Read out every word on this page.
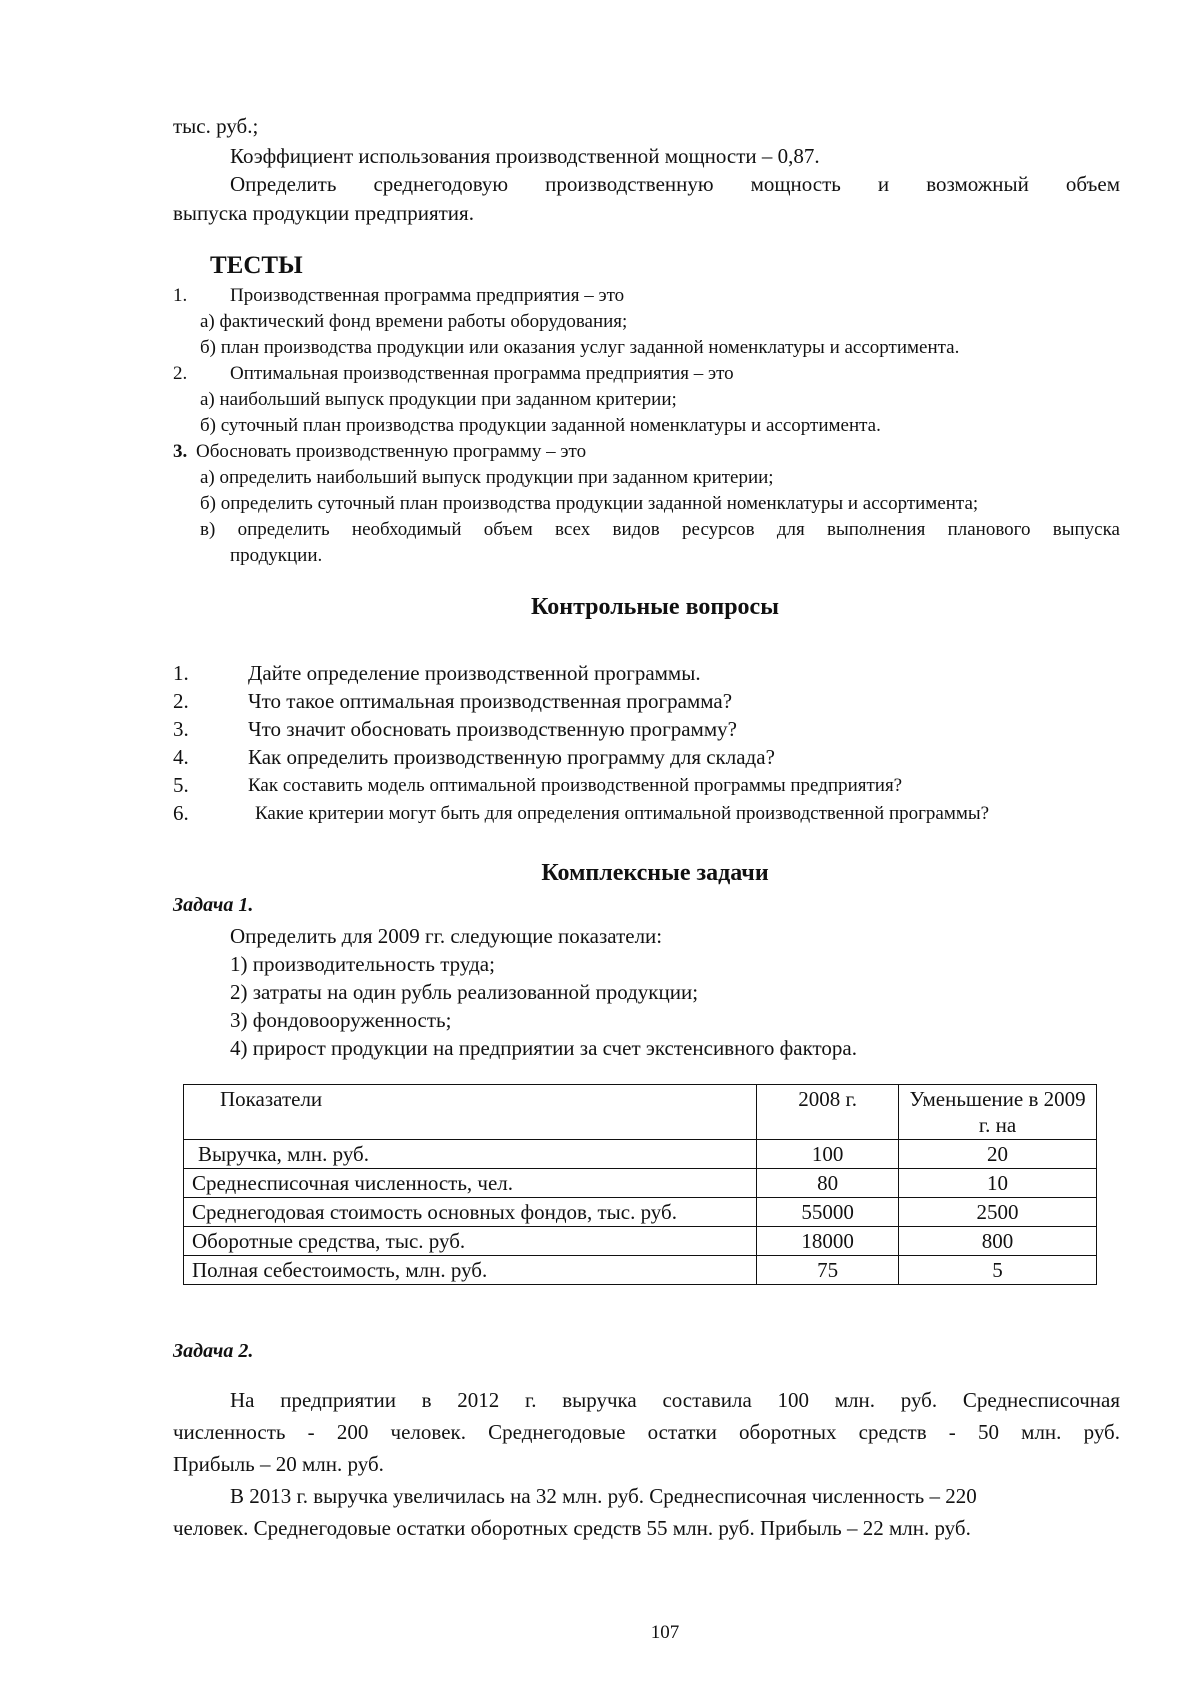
тыс. руб.;
Коэффициент использования производственной мощности – 0,87.
Определить среднегодовую производственную мощность и возможный объем
выпуска продукции предприятия.
ТЕСТЫ
1. Производственная программа предприятия – это
а) фактический фонд времени работы оборудования;
б) план производства продукции или оказания услуг заданной номенклатуры и ассортимента.
2. Оптимальная производственная программа предприятия – это
а) наибольший выпуск продукции при заданном критерии;
б) суточный план производства продукции заданной номенклатуры и ассортимента.
3. Обосновать производственную программу – это
а) определить наибольший выпуск продукции при заданном критерии;
б) определить суточный план производства продукции заданной номенклатуры и ассортимента;
в) определить необходимый объем всех видов ресурсов для выполнения планового выпуска
продукции.
Контрольные вопросы
1.	Дайте определение производственной программы.
2.	Что такое оптимальная производственная программа?
3.	Что значит обосновать производственную программу?
4.	Как определить производственную программу для склада?
5.	Как составить модель оптимальной производственной программы предприятия?
6.	Какие критерии могут быть для определения оптимальной производственной программы?
Комплексные задачи
Задача 1.
Определить для 2009 гг. следующие показатели:
1) производительность труда;
2) затраты на один рубль реализованной продукции;
3) фондовооруженность;
4) прирост продукции на предприятии за счет экстенсивного фактора.
Показатели	2008 г.	Уменьшение в 2009 г. на
Выручка, млн. руб.	100	20
Среднесписочная численность, чел.	80	10
Среднегодовая стоимость основных фондов, тыс. руб.	55000	2500
Оборотные средства, тыс. руб.	18000	800
Полная себестоимость, млн. руб.	75	5
Задача 2.
На предприятии в 2012 г. выручка составила 100 млн. руб. Среднесписочная
численность - 200 человек. Среднегодовые остатки оборотных средств - 50 млн. руб.
Прибыль – 20 млн. руб.
В 2013 г. выручка увеличилась на 32 млн. руб. Среднесписочная численность – 220
человек. Среднегодовые остатки оборотных средств 55 млн. руб. Прибыль – 22 млн. руб.
107
